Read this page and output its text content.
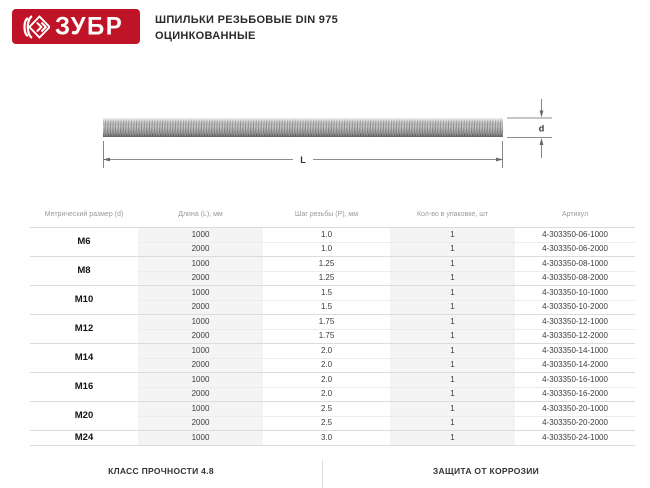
ЗУБР	ШПИЛЬКИ РЕЗЬБОВЫЕ DIN 975
ОЦИНКОВАННЫЕ
L
d
Метрический размер (d)	Длина (L), мм	Шаг резьбы (P), мм	Кол-во в упаковке, шт	Артикул
M6	1000	1.0	1	4-303350-06-1000
	2000	1.0	1	4-303350-06-2000
M8	1000	1.25	1	4-303350-08-1000
	2000	1.25	1	4-303350-08-2000
M10	1000	1.5	1	4-303350-10-1000
	2000	1.5	1	4-303350-10-2000
M12	1000	1.75	1	4-303350-12-1000
	2000	1.75	1	4-303350-12-2000
M14	1000	2.0	1	4-303350-14-1000
	2000	2.0	1	4-303350-14-2000
M16	1000	2.0	1	4-303350-16-1000
	2000	2.0	1	4-303350-16-2000
M20	1000	2.5	1	4-303350-20-1000
	2000	2.5	1	4-303350-20-2000
M24	1000	3.0	1	4-303350-24-1000
КЛАСС ПРОЧНОСТИ 4.8	ЗАЩИТА ОТ КОРРОЗИИ
